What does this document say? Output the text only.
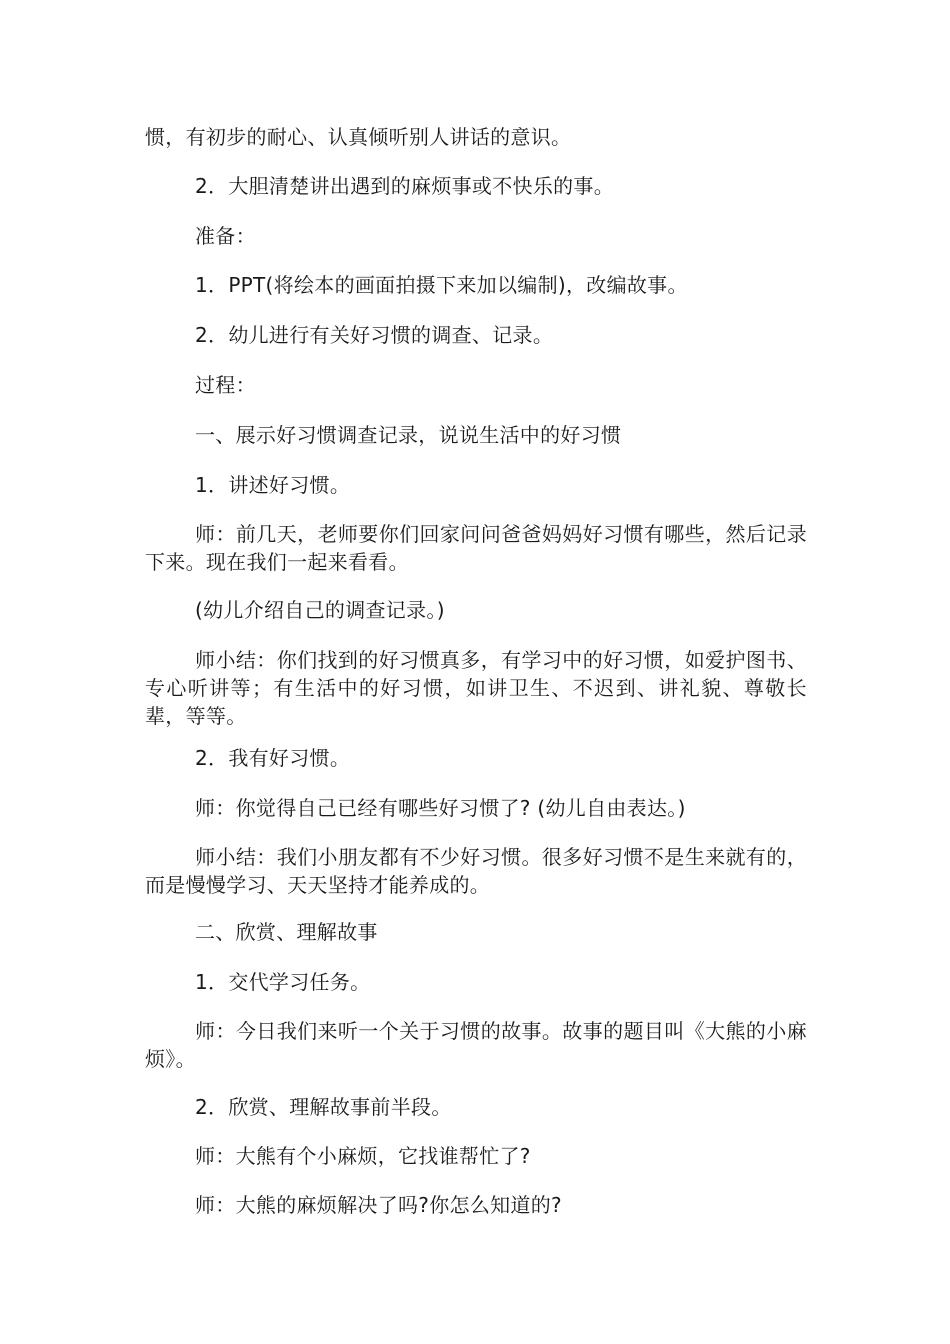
惯，有初步的耐心、认真倾听别人讲话的意识。

2．大胆清楚讲出遇到的麻烦事或不快乐的事。

准备：

1．PPT(将绘本的画面拍摄下来加以编制)，改编故事。

2．幼儿进行有关好习惯的调查、记录。

过程：

一、展示好习惯调查记录，说说生活中的好习惯

1．讲述好习惯。

师：前几天，老师要你们回家问问爸爸妈妈好习惯有哪些，然后记录下来。现在我们一起来看看。

(幼儿介绍自己的调查记录。)

师小结：你们找到的好习惯真多，有学习中的好习惯，如爱护图书、专心听讲等；有生活中的好习惯，如讲卫生、不迟到、讲礼貌、尊敬长辈，等等。

2．我有好习惯。

师：你觉得自己已经有哪些好习惯了? (幼儿自由表达。)

师小结：我们小朋友都有不少好习惯。很多好习惯不是生来就有的，而是慢慢学习、天天坚持才能养成的。

二、欣赏、理解故事

1．交代学习任务。

师：今日我们来听一个关于习惯的故事。故事的题目叫《大熊的小麻烦》。

2．欣赏、理解故事前半段。

师：大熊有个小麻烦，它找谁帮忙了?

师：大熊的麻烦解决了吗?你怎么知道的?
